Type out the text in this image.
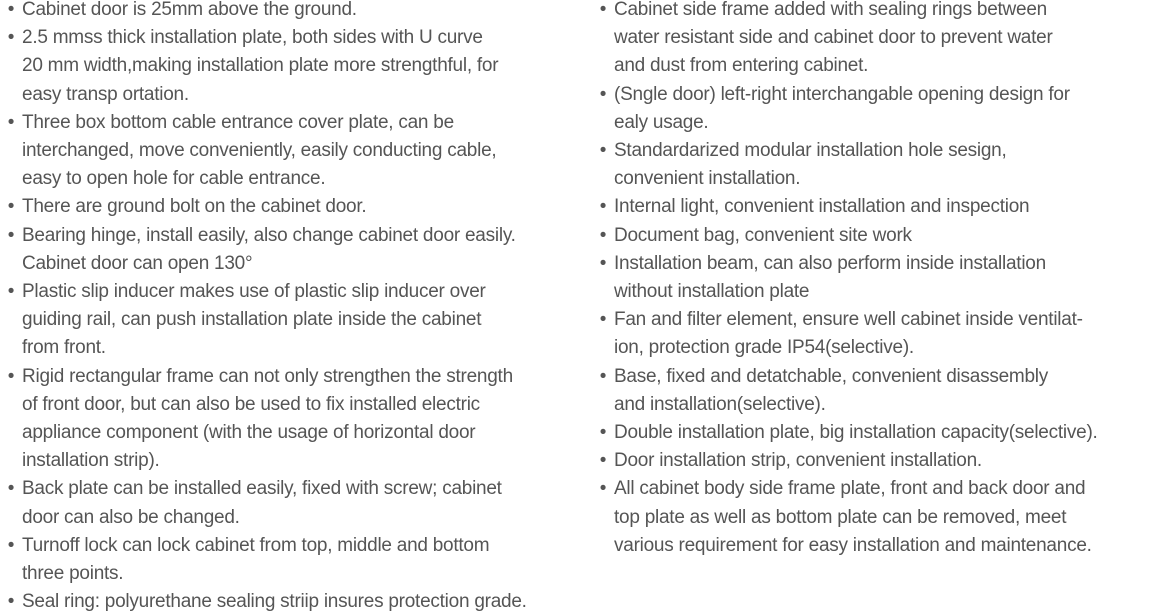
• Cabinet door is 25mm above the ground.
• 2.5 mmss thick installation plate, both sides with U curve
20 mm width,making installation plate more strengthful, for
easy transp ortation.
• Three box bottom cable entrance cover plate, can be
interchanged, move conveniently, easily conducting cable,
easy to open hole for cable entrance.
• There are ground bolt on the cabinet door.
• Bearing hinge, install easily, also change cabinet door easily.
Cabinet door can open 130°
• Plastic slip inducer makes use of plastic slip inducer over
guiding rail, can push installation plate inside the cabinet
from front.
• Rigid rectangular frame can not only strengthen the strength
of front door, but can also be used to fix installed electric
appliance component (with the usage of horizontal door
installation strip).
• Back plate can be installed easily, fixed with screw; cabinet
door can also be changed.
• Turnoff lock can lock cabinet from top, middle and bottom
three points.
• Seal ring: polyurethane sealing striip insures protection grade.
• Cabinet side frame added with sealing rings between
water resistant side and cabinet door to prevent water
and dust from entering cabinet.
• (Sngle door) left-right interchangable opening design for
ealy usage.
• Standardarized modular installation hole sesign,
convenient installation.
• Internal light, convenient installation and inspection
• Document bag, convenient site work
• Installation beam, can also perform inside installation
without installation plate
• Fan and filter element, ensure well cabinet inside ventilat-
ion, protection grade IP54(selective).
• Base, fixed and detatchable, convenient disassembly
and installation(selective).
• Double installation plate, big installation capacity(selective).
• Door installation strip, convenient installation.
• All cabinet body side frame plate, front and back door and
top plate as well as bottom plate can be removed, meet
various requirement for easy installation and maintenance.
